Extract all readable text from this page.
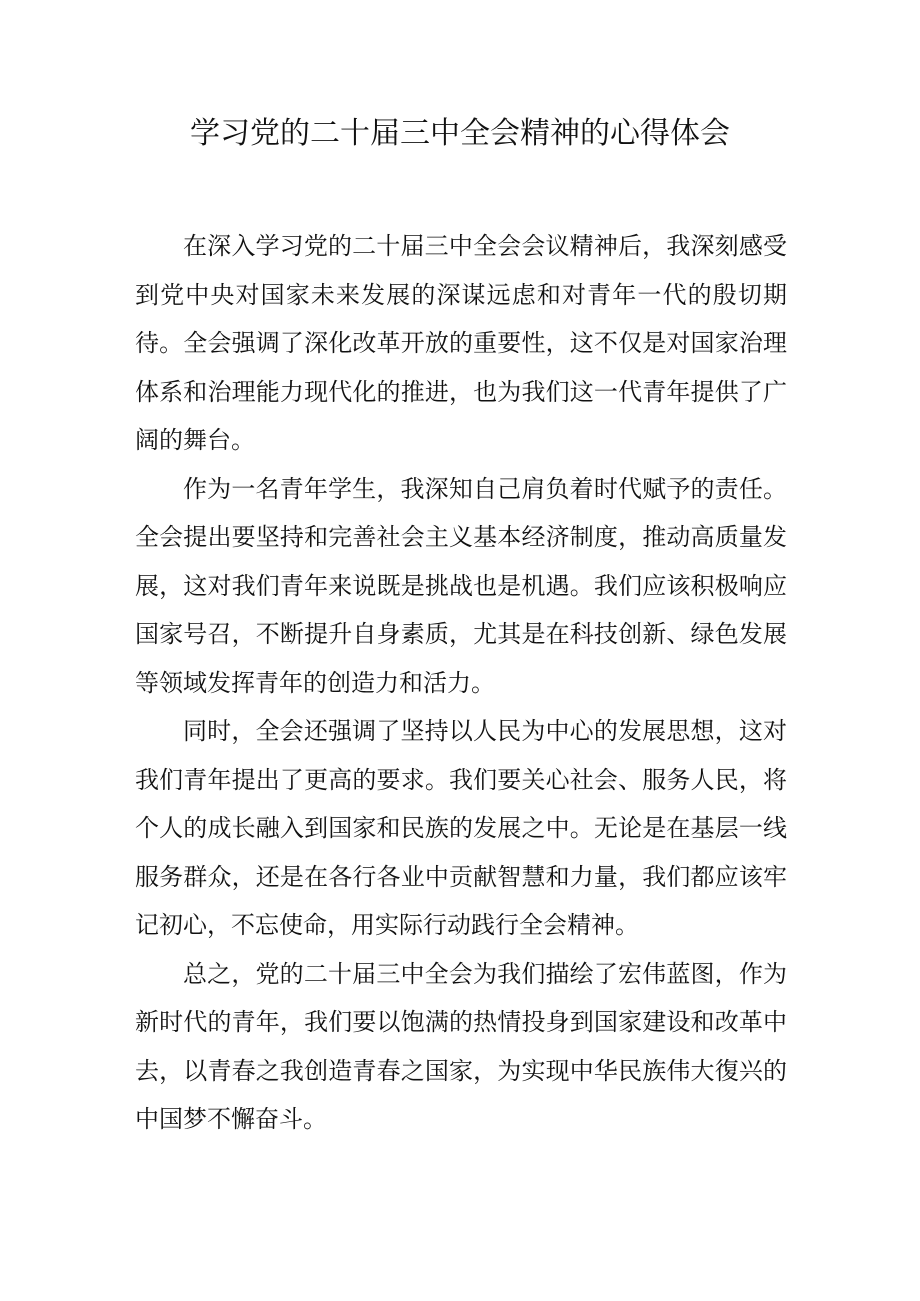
学习党的二十届三中全会精神的心得体会

在深入学习党的二十届三中全会会议精神后，我深刻感受到党中央对国家未来发展的深谋远虑和对青年一代的殷切期待。全会强调了深化改革开放的重要性，这不仅是对国家治理体系和治理能力现代化的推进，也为我们这一代青年提供了广阔的舞台。

作为一名青年学生，我深知自己肩负着时代赋予的责任。全会提出要坚持和完善社会主义基本经济制度，推动高质量发展，这对我们青年来说既是挑战也是机遇。我们应该积极响应国家号召，不断提升自身素质，尤其是在科技创新、绿色发展等领域发挥青年的创造力和活力。

同时，全会还强调了坚持以人民为中心的发展思想，这对我们青年提出了更高的要求。我们要关心社会、服务人民，将个人的成长融入到国家和民族的发展之中。无论是在基层一线服务群众，还是在各行各业中贡献智慧和力量，我们都应该牢记初心，不忘使命，用实际行动践行全会精神。

总之，党的二十届三中全会为我们描绘了宏伟蓝图，作为新时代的青年，我们要以饱满的热情投身到国家建设和改革中去，以青春之我创造青春之国家，为实现中华民族伟大復兴的中国梦不懈奋斗。
